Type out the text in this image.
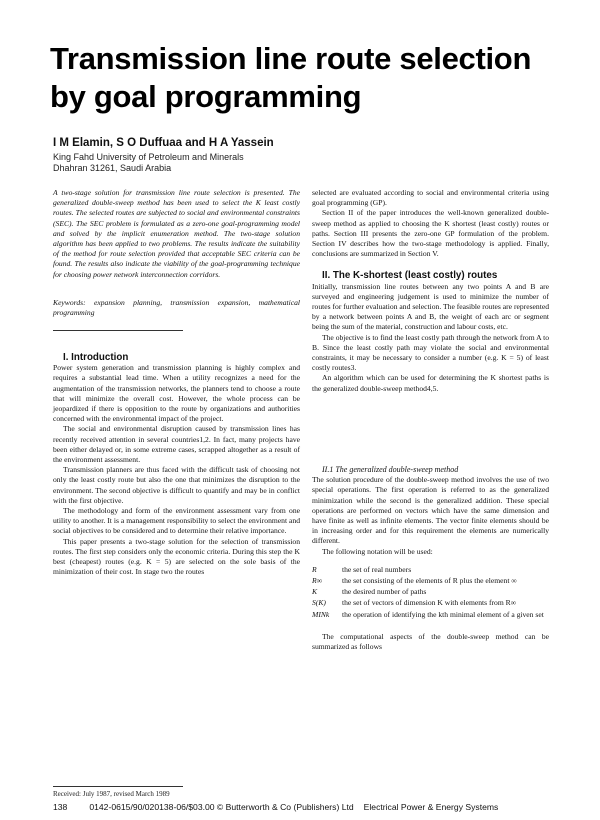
Transmission line route selection by goal programming
I M Elamin, S O Duffuaa and H A Yassein
King Fahd University of Petroleum and Minerals
Dhahran 31261, Saudi Arabia

A two-stage solution for transmission line route selection is presented. The generalized double-sweep method has been used to select the K least costly routes. The selected routes are subjected to social and environmental constraints (SEC). The SEC problem is formulated as a zero-one goal-programming model and solved by the implicit enumeration method. The two-stage solution algorithm has been applied to two problems. The results indicate the suitability of the method for route selection provided that acceptable SEC criteria can be found. The results also indicate the viability of the goal-programming technique for choosing power network interconnection corridors.

Keywords: expansion planning, transmission expansion, mathematical programming

I. Introduction

Power system generation and transmission planning is highly complex and requires a substantial lead time. When a utility recognizes a need for the augmentation of the transmission networks, the planners tend to choose a route that will minimize the overall cost. However, the whole process can be jeopardized if there is opposition to the route by organizations and authorities concerned with the environmental impact of the project.

The social and environmental disruption caused by transmission lines has recently received attention in several countries1,2. In fact, many projects have been either delayed or, in some extreme cases, scrapped altogether as a result of the environment assessment.

Transmission planners are thus faced with the difficult task of choosing not only the least costly route but also the one that minimizes the disruption to the environment. The second objective is difficult to quantify and may be in conflict with the first objective.

The methodology and form of the environment assessment vary from one utility to another. It is a management responsibility to select the environment and social objectives to be considered and to determine their relative importance.

This paper presents a two-stage solution for the selection of transmission routes. The first step considers only the economic criteria. During this step the K best (cheapest) routes (e.g. K = 5) are selected on the sole basis of the minimization of their cost. In stage two the routes

Received: July 1987, revised March 1989

selected are evaluated according to social and environmental criteria using goal programming (GP).

Section II of the paper introduces the well-known generalized double-sweep method as applied to choosing the K shortest (least costly) routes or paths. Section III presents the zero-one GP formulation of the problem. Section IV describes how the two-stage methodology is applied. Finally, conclusions are summarized in Section V.

II. The K-shortest (least costly) routes

Initially, transmission line routes between any two points A and B are surveyed and engineering judgement is used to minimize the number of routes for further evaluation and selection. The feasible routes are represented by a network between points A and B, the weight of each arc or segment being the sum of the material, construction and labour costs, etc.

The objective is to find the least costly path through the network from A to B. Since the least costly path may violate the social and environmental constraints, it may be necessary to consider a number (e.g. K = 5) of least costly routes3.

An algorithm which can be used for determining the K shortest paths is the generalized double-sweep method4,5.

II.1 The generalized double-sweep method

The solution procedure of the double-sweep method involves the use of two special operations. The first operation is referred to as the generalized minimization while the second is the generalized addition. These special operations are performed on vectors which have the same dimension and have finite as well as infinite elements. The vector finite elements should be in increasing order and for this requirement the elements are numerically different.

The following notation will be used:

R	the set of real numbers
R∞	the set consisting of the elements of R plus the element ∞
K	the desired number of paths
S(K)	the set of vectors of dimension K with elements from R∞
MINk	the operation of identifying the kth minimal element of a given set

The computational aspects of the double-sweep method can be summarized as follows

138	0142-0615/90/020138-06/$03.00 © Butterworth & Co (Publishers) Ltd Electrical Power & Energy Systems
